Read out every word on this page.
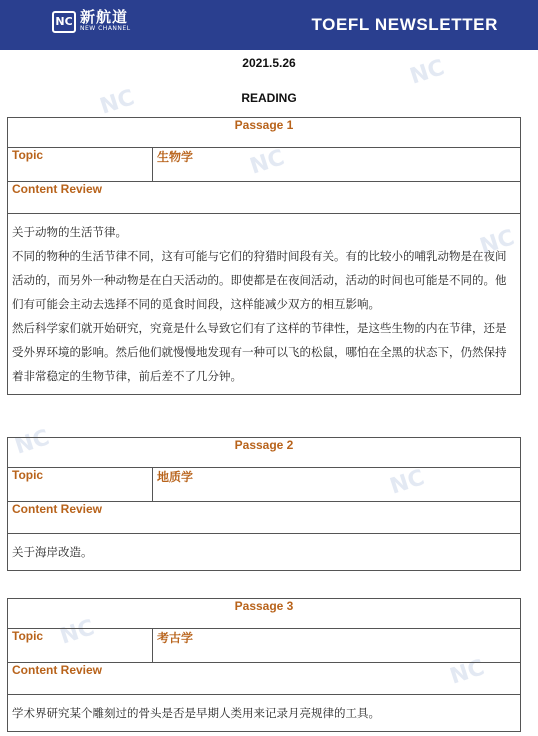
NC 新航道
NEW CHANNEL	TOEFL NEWSLETTER
NC
NC
NC
NC
NC
NC
NC
NC
2021.5.26
READING
Passage 1
Topic	生物学
Content Review

关于动物的生活节律。

不同的物种的生活节律不同，这有可能与它们的狩猎时间段有关。有的比较小的哺乳动物是在夜间活动的，而另外一种动物是在白天活动的。即使都是在夜间活动，活动的时间也可能是不同的。他们有可能会主动去选择不同的觅食时间段，这样能减少双方的相互影响。

然后科学家们就开始研究，究竟是什么导致它们有了这样的节律性，是这些生物的内在节律，还是受外界环境的影响。然后他们就慢慢地发现有一种可以飞的松鼠，哪怕在全黑的状态下，仍然保持着非常稳定的生物节律，前后差不了几分钟。

Passage 2
Topic	地质学
Content Review

关于海岸改造。

Passage 3
Topic	考古学
Content Review

学术界研究某个雕刻过的骨头是否是早期人类用来记录月亮规律的工具。
